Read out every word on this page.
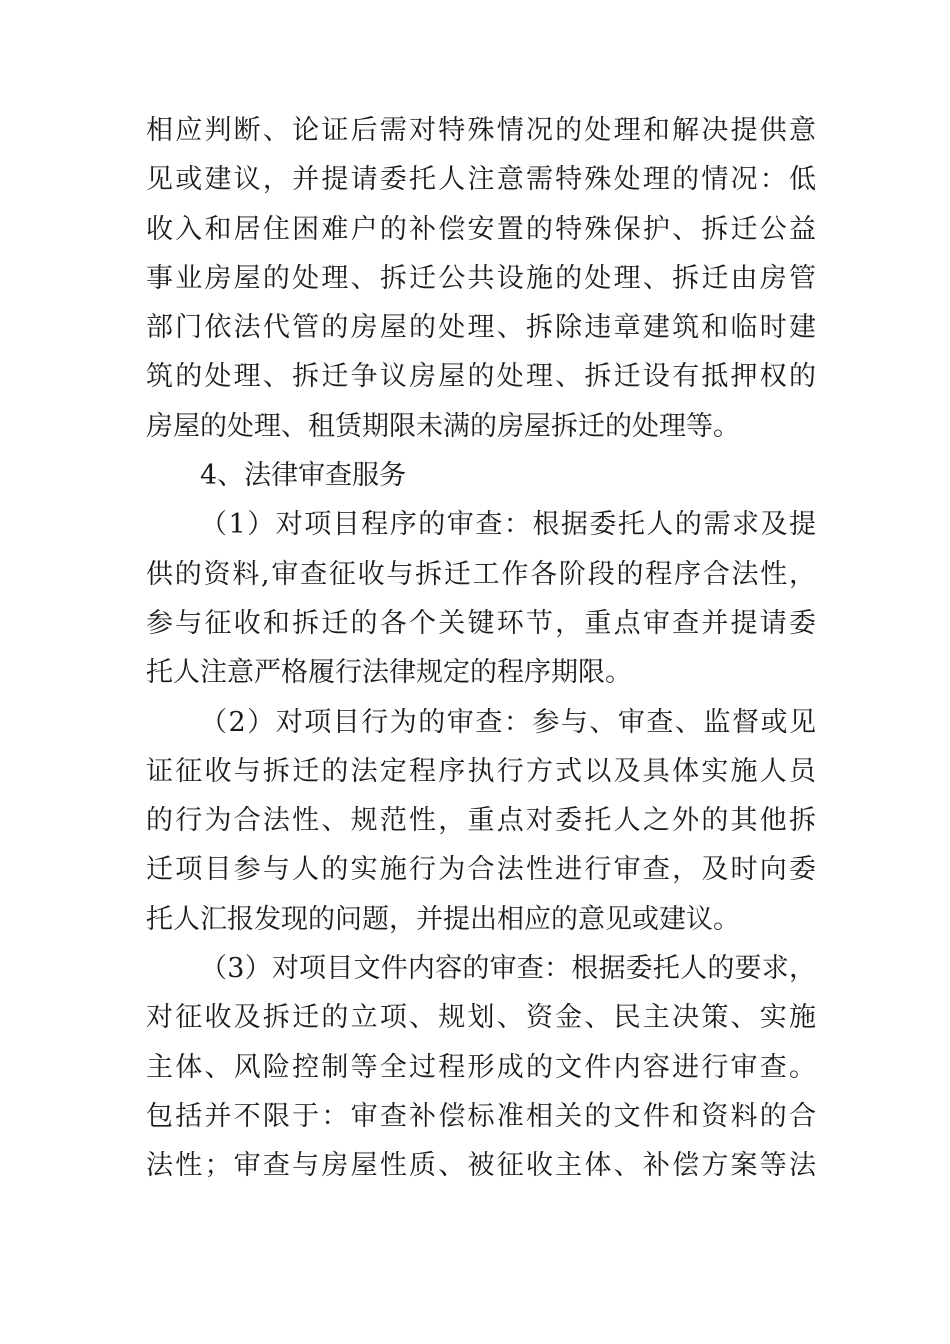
相应判断、论证后需对特殊情况的处理和解决提供意
见或建议，并提请委托人注意需特殊处理的情况：低
收入和居住困难户的补偿安置的特殊保护、拆迁公益
事业房屋的处理、拆迁公共设施的处理、拆迁由房管
部门依法代管的房屋的处理、拆除违章建筑和临时建
筑的处理、拆迁争议房屋的处理、拆迁设有抵押权的
房屋的处理、租赁期限未满的房屋拆迁的处理等。
4、法律审查服务
（1）对项目程序的审查：根据委托人的需求及提
供的资料,审查征收与拆迁工作各阶段的程序合法性，
参与征收和拆迁的各个关键环节，重点审查并提请委
托人注意严格履行法律规定的程序期限。
（2）对项目行为的审查：参与、审查、监督或见
证征收与拆迁的法定程序执行方式以及具体实施人员
的行为合法性、规范性，重点对委托人之外的其他拆
迁项目参与人的实施行为合法性进行审查，及时向委
托人汇报发现的问题，并提出相应的意见或建议。
（3）对项目文件内容的审查：根据委托人的要求，
对征收及拆迁的立项、规划、资金、民主决策、实施
主体、风险控制等全过程形成的文件内容进行审查。
包括并不限于：审查补偿标准相关的文件和资料的合
法性；审查与房屋性质、被征收主体、补偿方案等法
